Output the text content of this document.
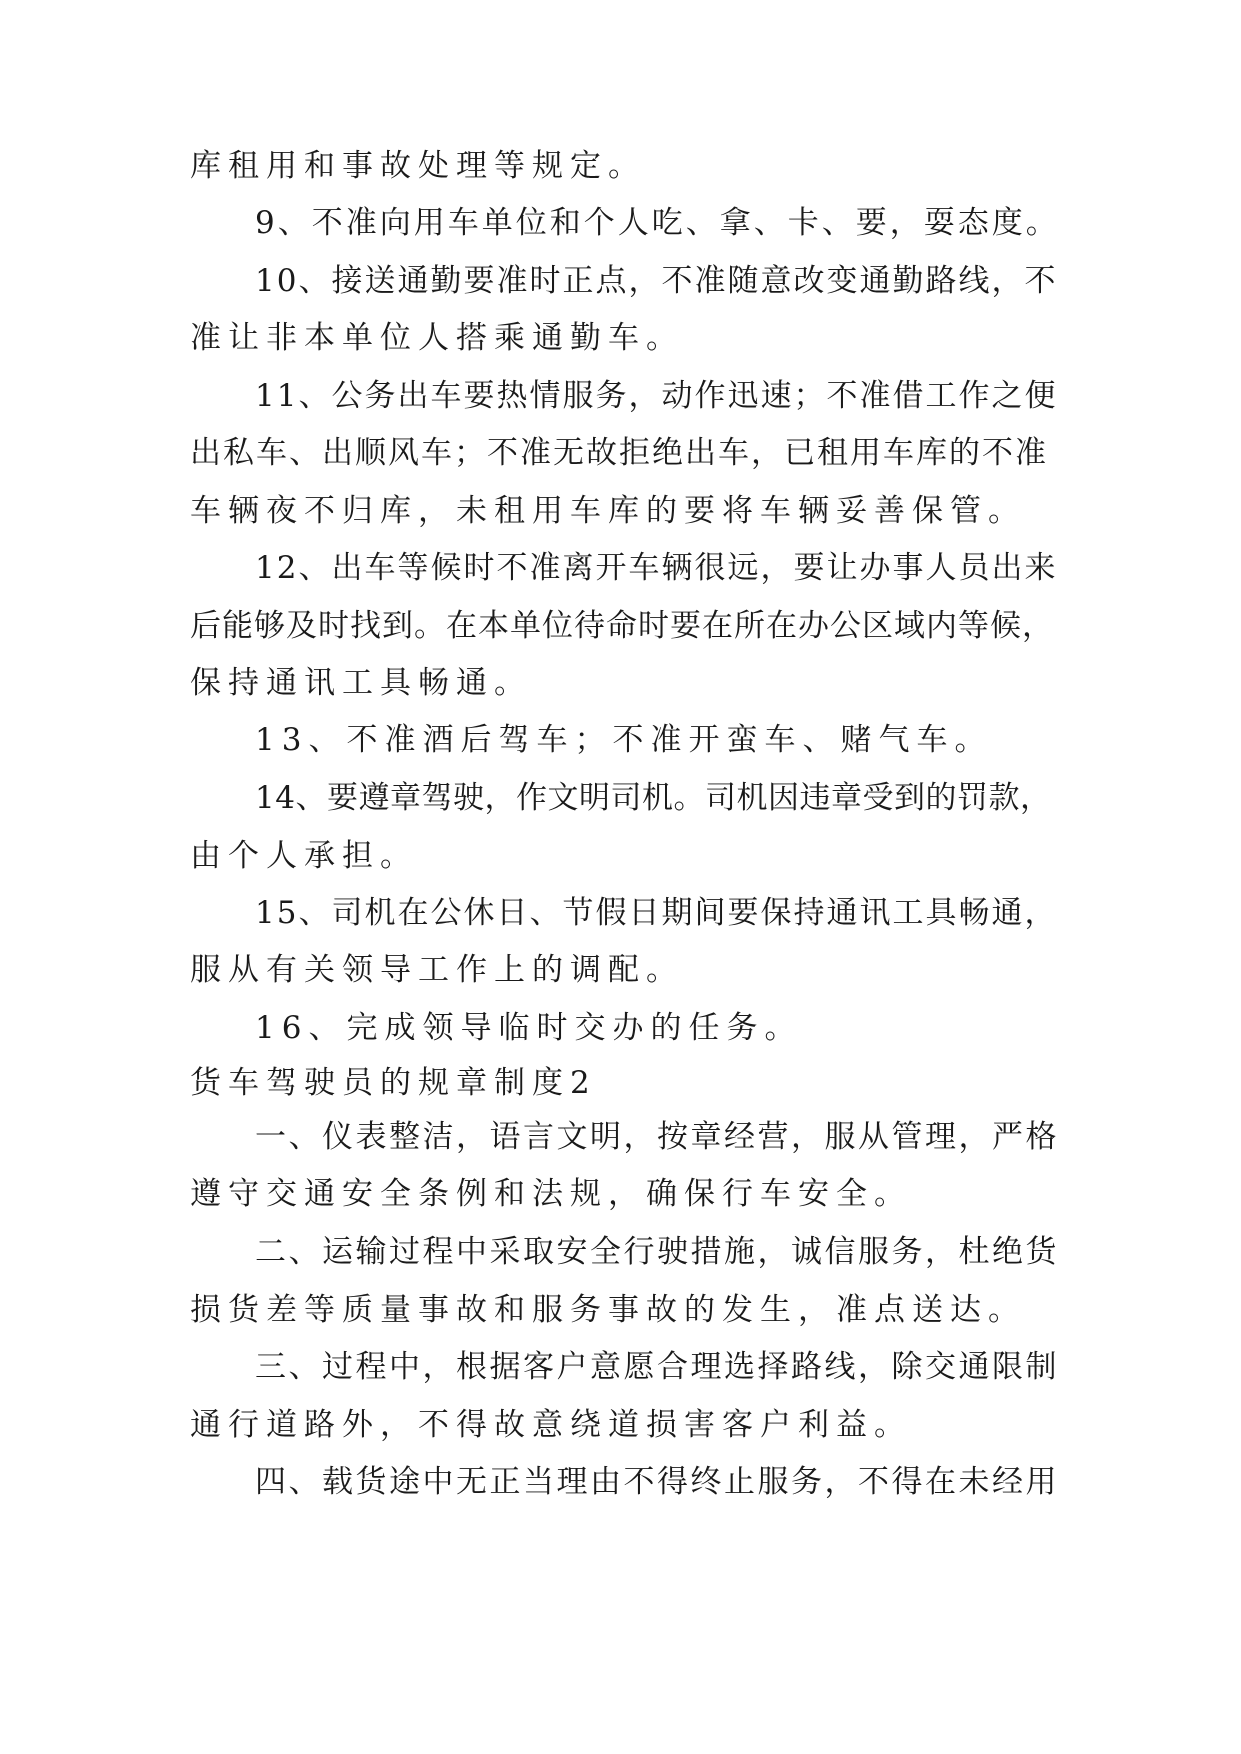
库租用和事故处理等规定。
9、不准向用车单位和个人吃、拿、卡、要，耍态度。
10、接送通勤要准时正点，不准随意改变通勤路线，不
准让非本单位人搭乘通勤车。
11、公务出车要热情服务，动作迅速；不准借工作之便
出私车、出顺风车；不准无故拒绝出车，已租用车库的不准
车辆夜不归库，未租用车库的要将车辆妥善保管。
12、出车等候时不准离开车辆很远，要让办事人员出来
后能够及时找到。在本单位待命时要在所在办公区域内等候，
保持通讯工具畅通。
13、不准酒后驾车；不准开蛮车、赌气车。
14、要遵章驾驶，作文明司机。司机因违章受到的罚款，
由个人承担。
15、司机在公休日、节假日期间要保持通讯工具畅通，
服从有关领导工作上的调配。
16、完成领导临时交办的任务。
货车驾驶员的规章制度2
一、仪表整洁，语言文明，按章经营，服从管理，严格
遵守交通安全条例和法规，确保行车安全。
二、运输过程中采取安全行驶措施，诚信服务，杜绝货
损货差等质量事故和服务事故的发生，准点送达。
三、过程中，根据客户意愿合理选择路线，除交通限制
通行道路外，不得故意绕道损害客户利益。
四、载货途中无正当理由不得终止服务，不得在未经用
